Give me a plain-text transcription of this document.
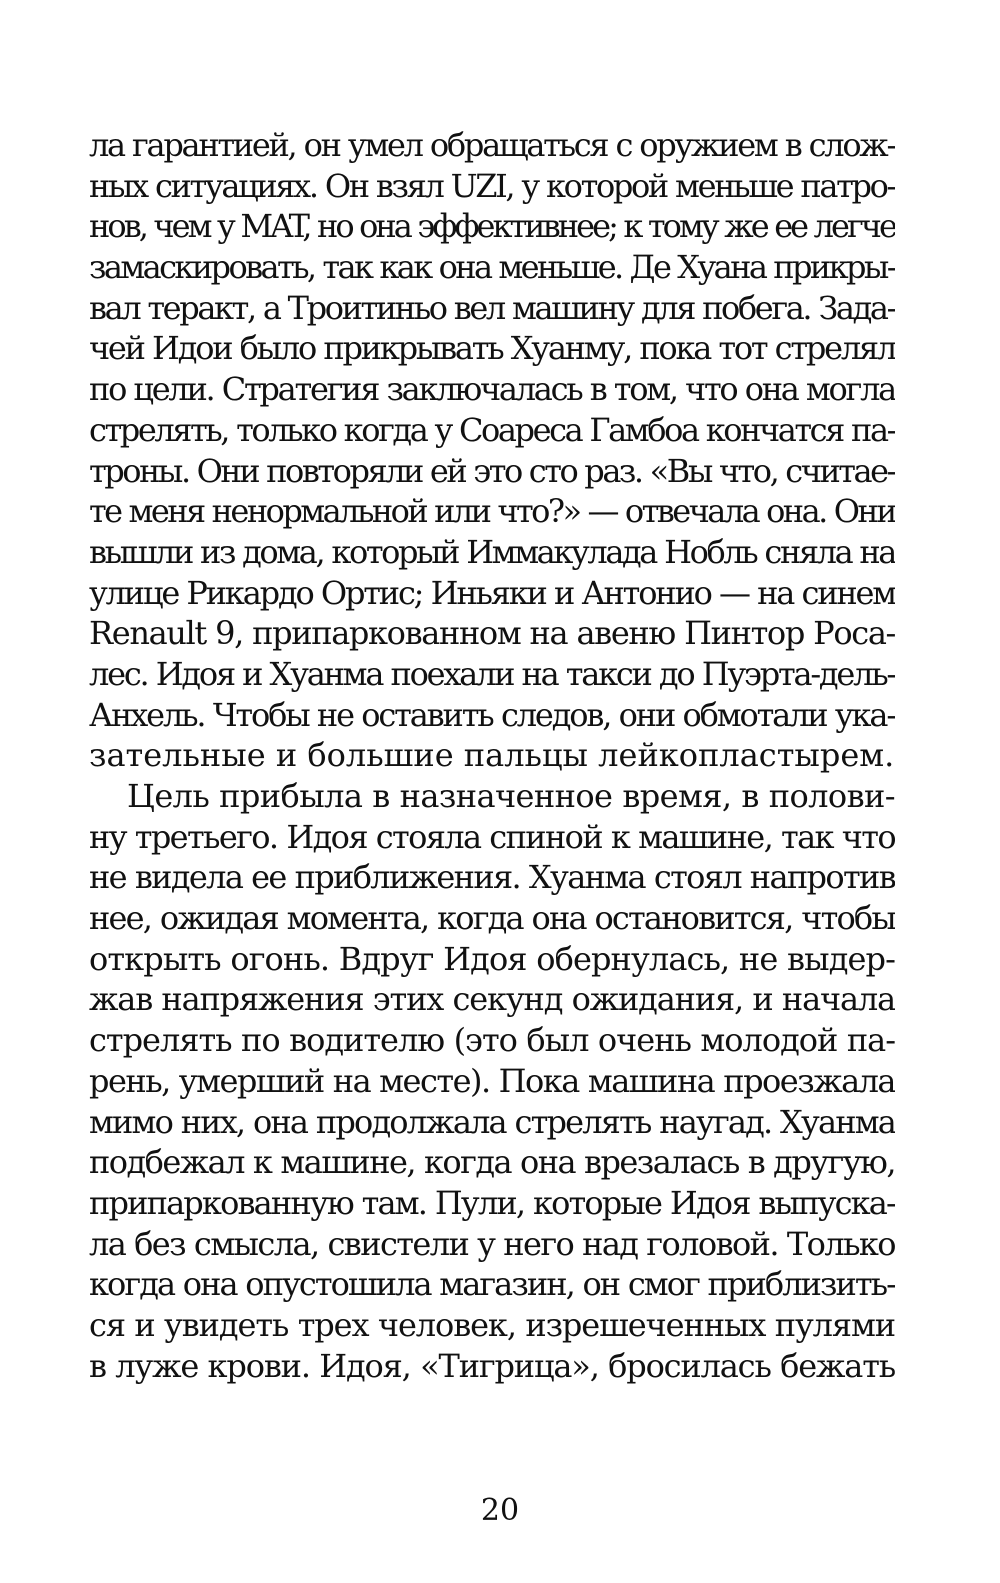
ла гарантией, он умел обращаться с оружием в слож-
ных ситуациях. Он взял UZI, у которой меньше патро-
нов, чем у MAT, но она эффективнее; к тому же ее легче
замаскировать, так как она меньше. Де Хуана прикры-
вал теракт, а Троитиньо вел машину для побега. Зада-
чей Идои было прикрывать Хуанму, пока тот стрелял
по цели. Стратегия заключалась в том, что она могла
стрелять, только когда у Соареса Гамбоа кончатся па-
троны. Они повторяли ей это сто раз. «Вы что, считае-
те меня ненормальной или что?» — отвечала она. Они
вышли из дома, который Иммакулада Нобль сняла на
улице Рикардо Ортис; Иньяки и Антонио — на синем
Renault 9, припаркованном на авеню Пинтор Роса-
лес. Идоя и Хуанма поехали на такси до Пуэрта-дель-
Анхель. Чтобы не оставить следов, они обмотали ука-
зательные и большие пальцы лейкопластырем.
Цель прибыла в назначенное время, в полови-
ну третьего. Идоя стояла спиной к машине, так что
не видела ее приближения. Хуанма стоял напротив
нее, ожидая момента, когда она остановится, чтобы
открыть огонь. Вдруг Идоя обернулась, не выдер-
жав напряжения этих секунд ожидания, и начала
стрелять по водителю (это был очень молодой па-
рень, умерший на месте). Пока машина проезжала
мимо них, она продолжала стрелять наугад. Хуанма
подбежал к машине, когда она врезалась в другую,
припаркованную там. Пули, которые Идоя выпуска-
ла без смысла, свистели у него над головой. Только
когда она опустошила магазин, он смог приблизить-
ся и увидеть трех человек, изрешеченных пулями
в луже крови. Идоя, «Тигрица», бросилась бежать
20
